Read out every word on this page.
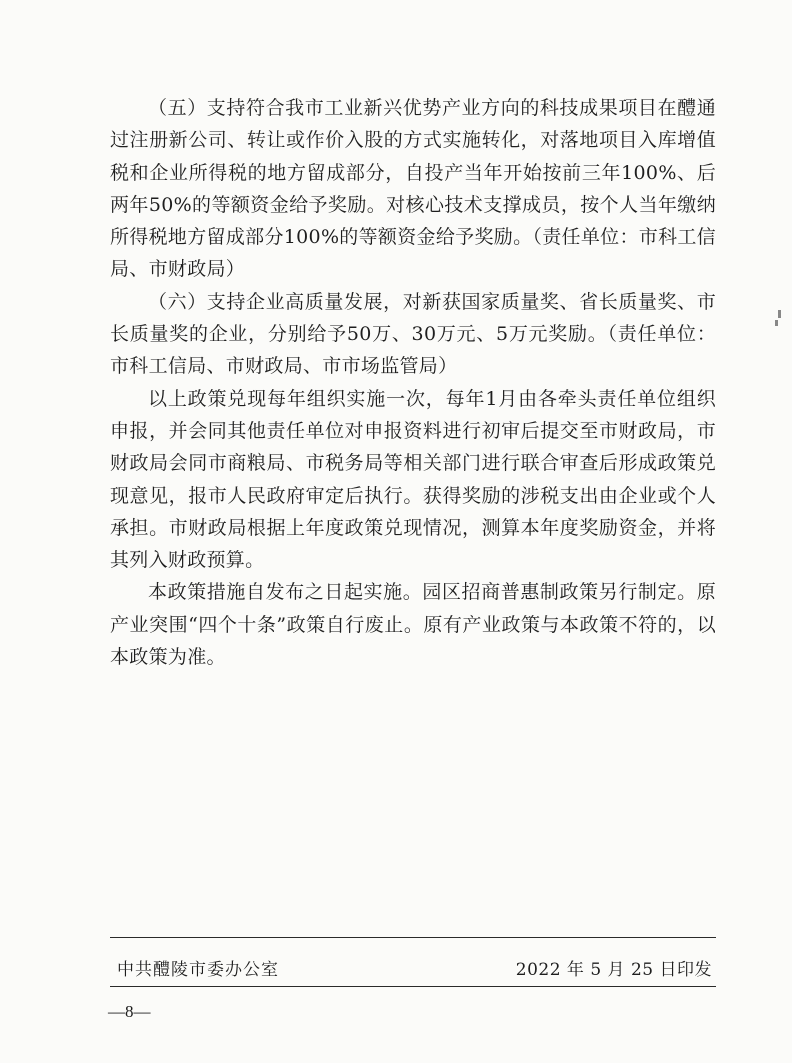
（五）支持符合我市工业新兴优势产业方向的科技成果项目在醴通过注册新公司、转让或作价入股的方式实施转化，对落地项目入库增值税和企业所得税的地方留成部分，自投产当年开始按前三年100%、后两年50%的等额资金给予奖励。对核心技术支撑成员，按个人当年缴纳所得税地方留成部分100%的等额资金给予奖励。（责任单位：市科工信局、市财政局）

（六）支持企业高质量发展，对新获国家质量奖、省长质量奖、市长质量奖的企业，分别给予50万、30万元、5万元奖励。（责任单位：市科工信局、市财政局、市市场监管局）

以上政策兑现每年组织实施一次，每年1月由各牵头责任单位组织申报，并会同其他责任单位对申报资料进行初审后提交至市财政局，市财政局会同市商粮局、市税务局等相关部门进行联合审查后形成政策兑现意见，报市人民政府审定后执行。获得奖励的涉税支出由企业或个人承担。市财政局根据上年度政策兑现情况，测算本年度奖励资金，并将其列入财政预算。

本政策措施自发布之日起实施。园区招商普惠制政策另行制定。原产业突围“四个十条”政策自行废止。原有产业政策与本政策不符的，以本政策为准。

中共醴陵市委办公室	2022 年 5 月 25 日印发
—8—
